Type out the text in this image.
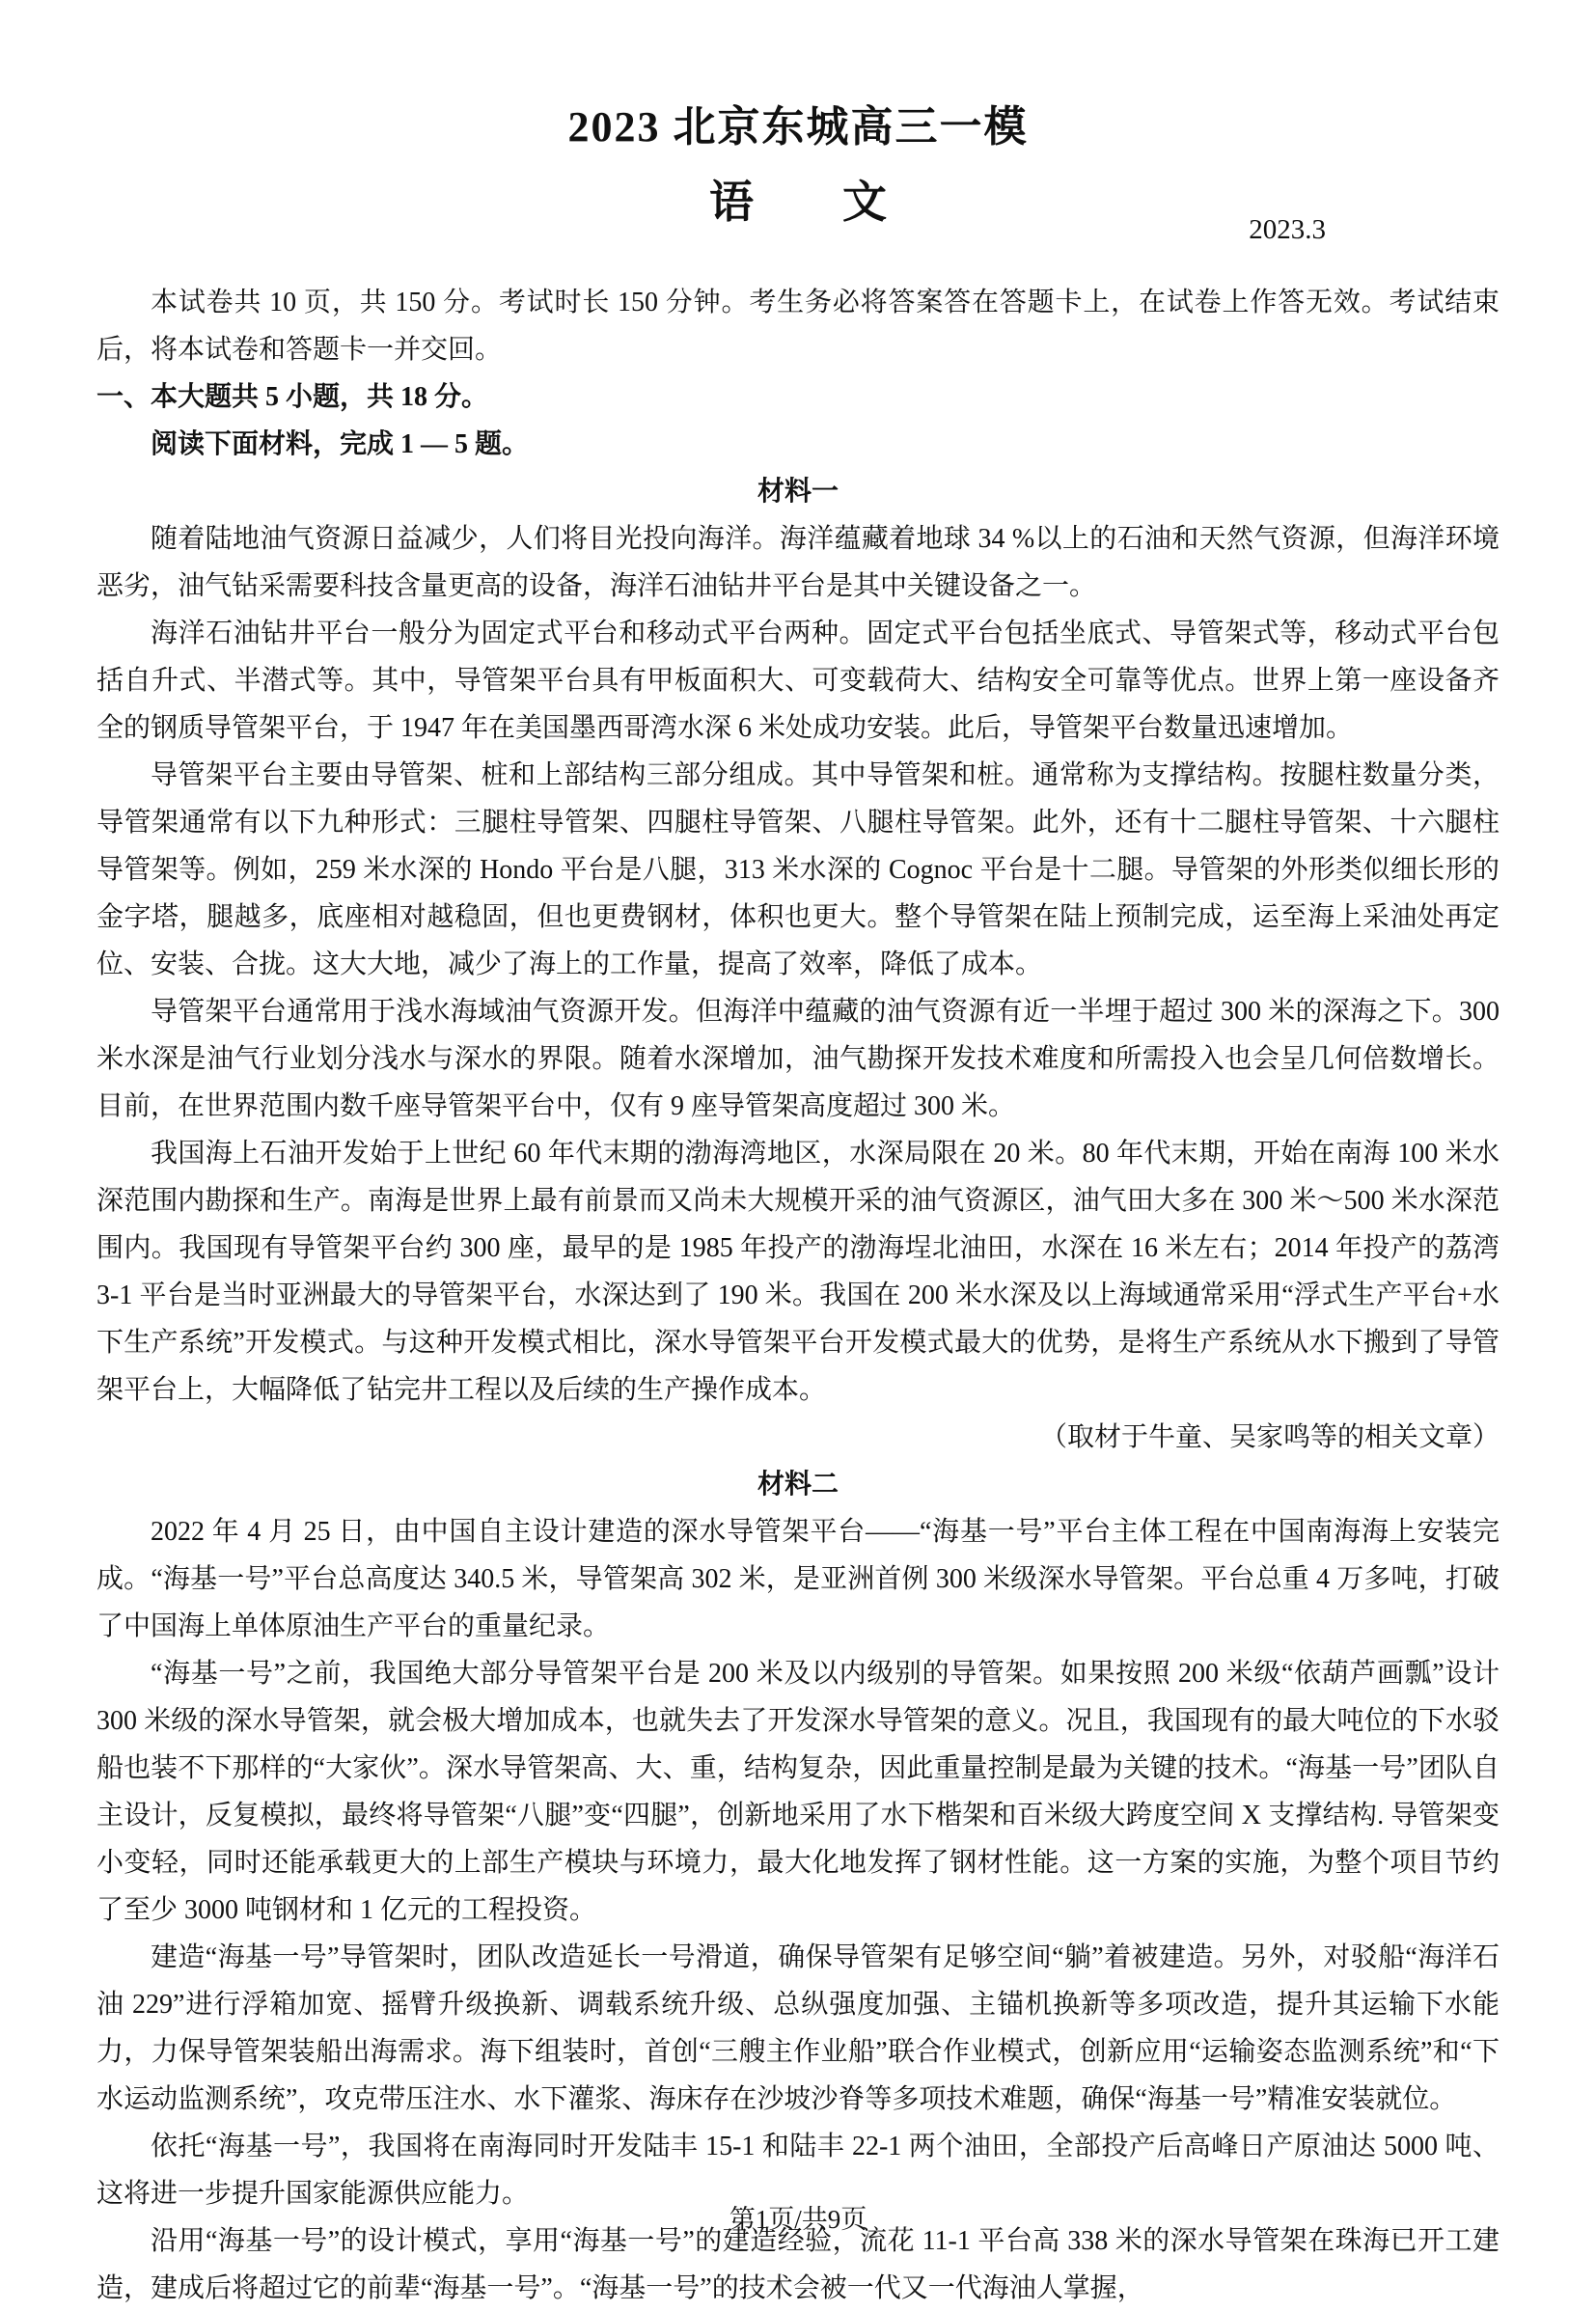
2023 北京东城高三一模
语　　文
2023.3

本试卷共 10 页，共 150 分。考试时长 150 分钟。考生务必将答案答在答题卡上，在试卷上作答无效。考试结束后，将本试卷和答题卡一并交回。

一、本大题共 5 小题，共 18 分。

阅读下面材料，完成 1 — 5 题。

材料一

随着陆地油气资源日益减少，人们将目光投向海洋。海洋蕴藏着地球 34 %以上的石油和天然气资源，但海洋环境恶劣，油气钻采需要科技含量更高的设备，海洋石油钻井平台是其中关键设备之一。

海洋石油钻井平台一般分为固定式平台和移动式平台两种。固定式平台包括坐底式、导管架式等，移动式平台包括自升式、半潜式等。其中，导管架平台具有甲板面积大、可变载荷大、结构安全可靠等优点。世界上第一座设备齐全的钢质导管架平台，于 1947 年在美国墨西哥湾水深 6 米处成功安装。此后，导管架平台数量迅速增加。

导管架平台主要由导管架、桩和上部结构三部分组成。其中导管架和桩。通常称为支撑结构。按腿柱数量分类，导管架通常有以下九种形式：三腿柱导管架、四腿柱导管架、八腿柱导管架。此外，还有十二腿柱导管架、十六腿柱导管架等。例如，259 米水深的 Hondo 平台是八腿，313 米水深的 Cognoc 平台是十二腿。导管架的外形类似细长形的金字塔，腿越多，底座相对越稳固，但也更费钢材，体积也更大。整个导管架在陆上预制完成，运至海上采油处再定位、安装、合拢。这大大地，减少了海上的工作量，提高了效率，降低了成本。

导管架平台通常用于浅水海域油气资源开发。但海洋中蕴藏的油气资源有近一半埋于超过 300 米的深海之下。300 米水深是油气行业划分浅水与深水的界限。随着水深增加，油气勘探开发技术难度和所需投入也会呈几何倍数增长。目前，在世界范围内数千座导管架平台中，仅有 9 座导管架高度超过 300 米。

我国海上石油开发始于上世纪 60 年代末期的渤海湾地区，水深局限在 20 米。80 年代末期，开始在南海 100 米水深范围内勘探和生产。南海是世界上最有前景而又尚未大规模开采的油气资源区，油气田大多在 300 米～500 米水深范围内。我国现有导管架平台约 300 座，最早的是 1985 年投产的渤海埕北油田，水深在 16 米左右；2014 年投产的荔湾 3-1 平台是当时亚洲最大的导管架平台，水深达到了 190 米。我国在 200 米水深及以上海域通常采用“浮式生产平台+水下生产系统”开发模式。与这种开发模式相比，深水导管架平台开发模式最大的优势，是将生产系统从水下搬到了导管架平台上，大幅降低了钻完井工程以及后续的生产操作成本。

（取材于牛童、吴家鸣等的相关文章）

材料二

2022 年 4 月 25 日，由中国自主设计建造的深水导管架平台——“海基一号”平台主体工程在中国南海海上安装完成。“海基一号”平台总高度达 340.5 米，导管架高 302 米，是亚洲首例 300 米级深水导管架。平台总重 4 万多吨，打破了中国海上单体原油生产平台的重量纪录。

“海基一号”之前，我国绝大部分导管架平台是 200 米及以内级别的导管架。如果按照 200 米级“依葫芦画瓢”设计 300 米级的深水导管架，就会极大增加成本，也就失去了开发深水导管架的意义。况且，我国现有的最大吨位的下水驳船也装不下那样的“大家伙”。深水导管架高、大、重，结构复杂，因此重量控制是最为关键的技术。“海基一号”团队自主设计，反复模拟，最终将导管架“八腿”变“四腿”，创新地采用了水下楷架和百米级大跨度空间 X 支撑结构. 导管架变小变轻，同时还能承载更大的上部生产模块与环境力，最大化地发挥了钢材性能。这一方案的实施，为整个项目节约了至少 3000 吨钢材和 1 亿元的工程投资。

建造“海基一号”导管架时，团队改造延长一号滑道，确保导管架有足够空间“躺”着被建造。另外，对驳船“海洋石油 229”进行浮箱加宽、摇臂升级换新、调载系统升级、总纵强度加强、主锚机换新等多项改造，提升其运输下水能力，力保导管架装船出海需求。海下组装时，首创“三艘主作业船”联合作业模式，创新应用“运输姿态监测系统”和“下水运动监测系统”，攻克带压注水、水下灌浆、海床存在沙坡沙脊等多项技术难题，确保“海基一号”精准安装就位。

依托“海基一号”，我国将在南海同时开发陆丰 15-1 和陆丰 22-1 两个油田，全部投产后高峰日产原油达 5000 吨、这将进一步提升国家能源供应能力。

沿用“海基一号”的设计模式，享用“海基一号”的建造经验，流花 11-1 平台高 338 米的深水导管架在珠海已开工建造，建成后将超过它的前辈“海基一号”。“海基一号”的技术会被一代又一代海油人掌握，

第1页/共9页
